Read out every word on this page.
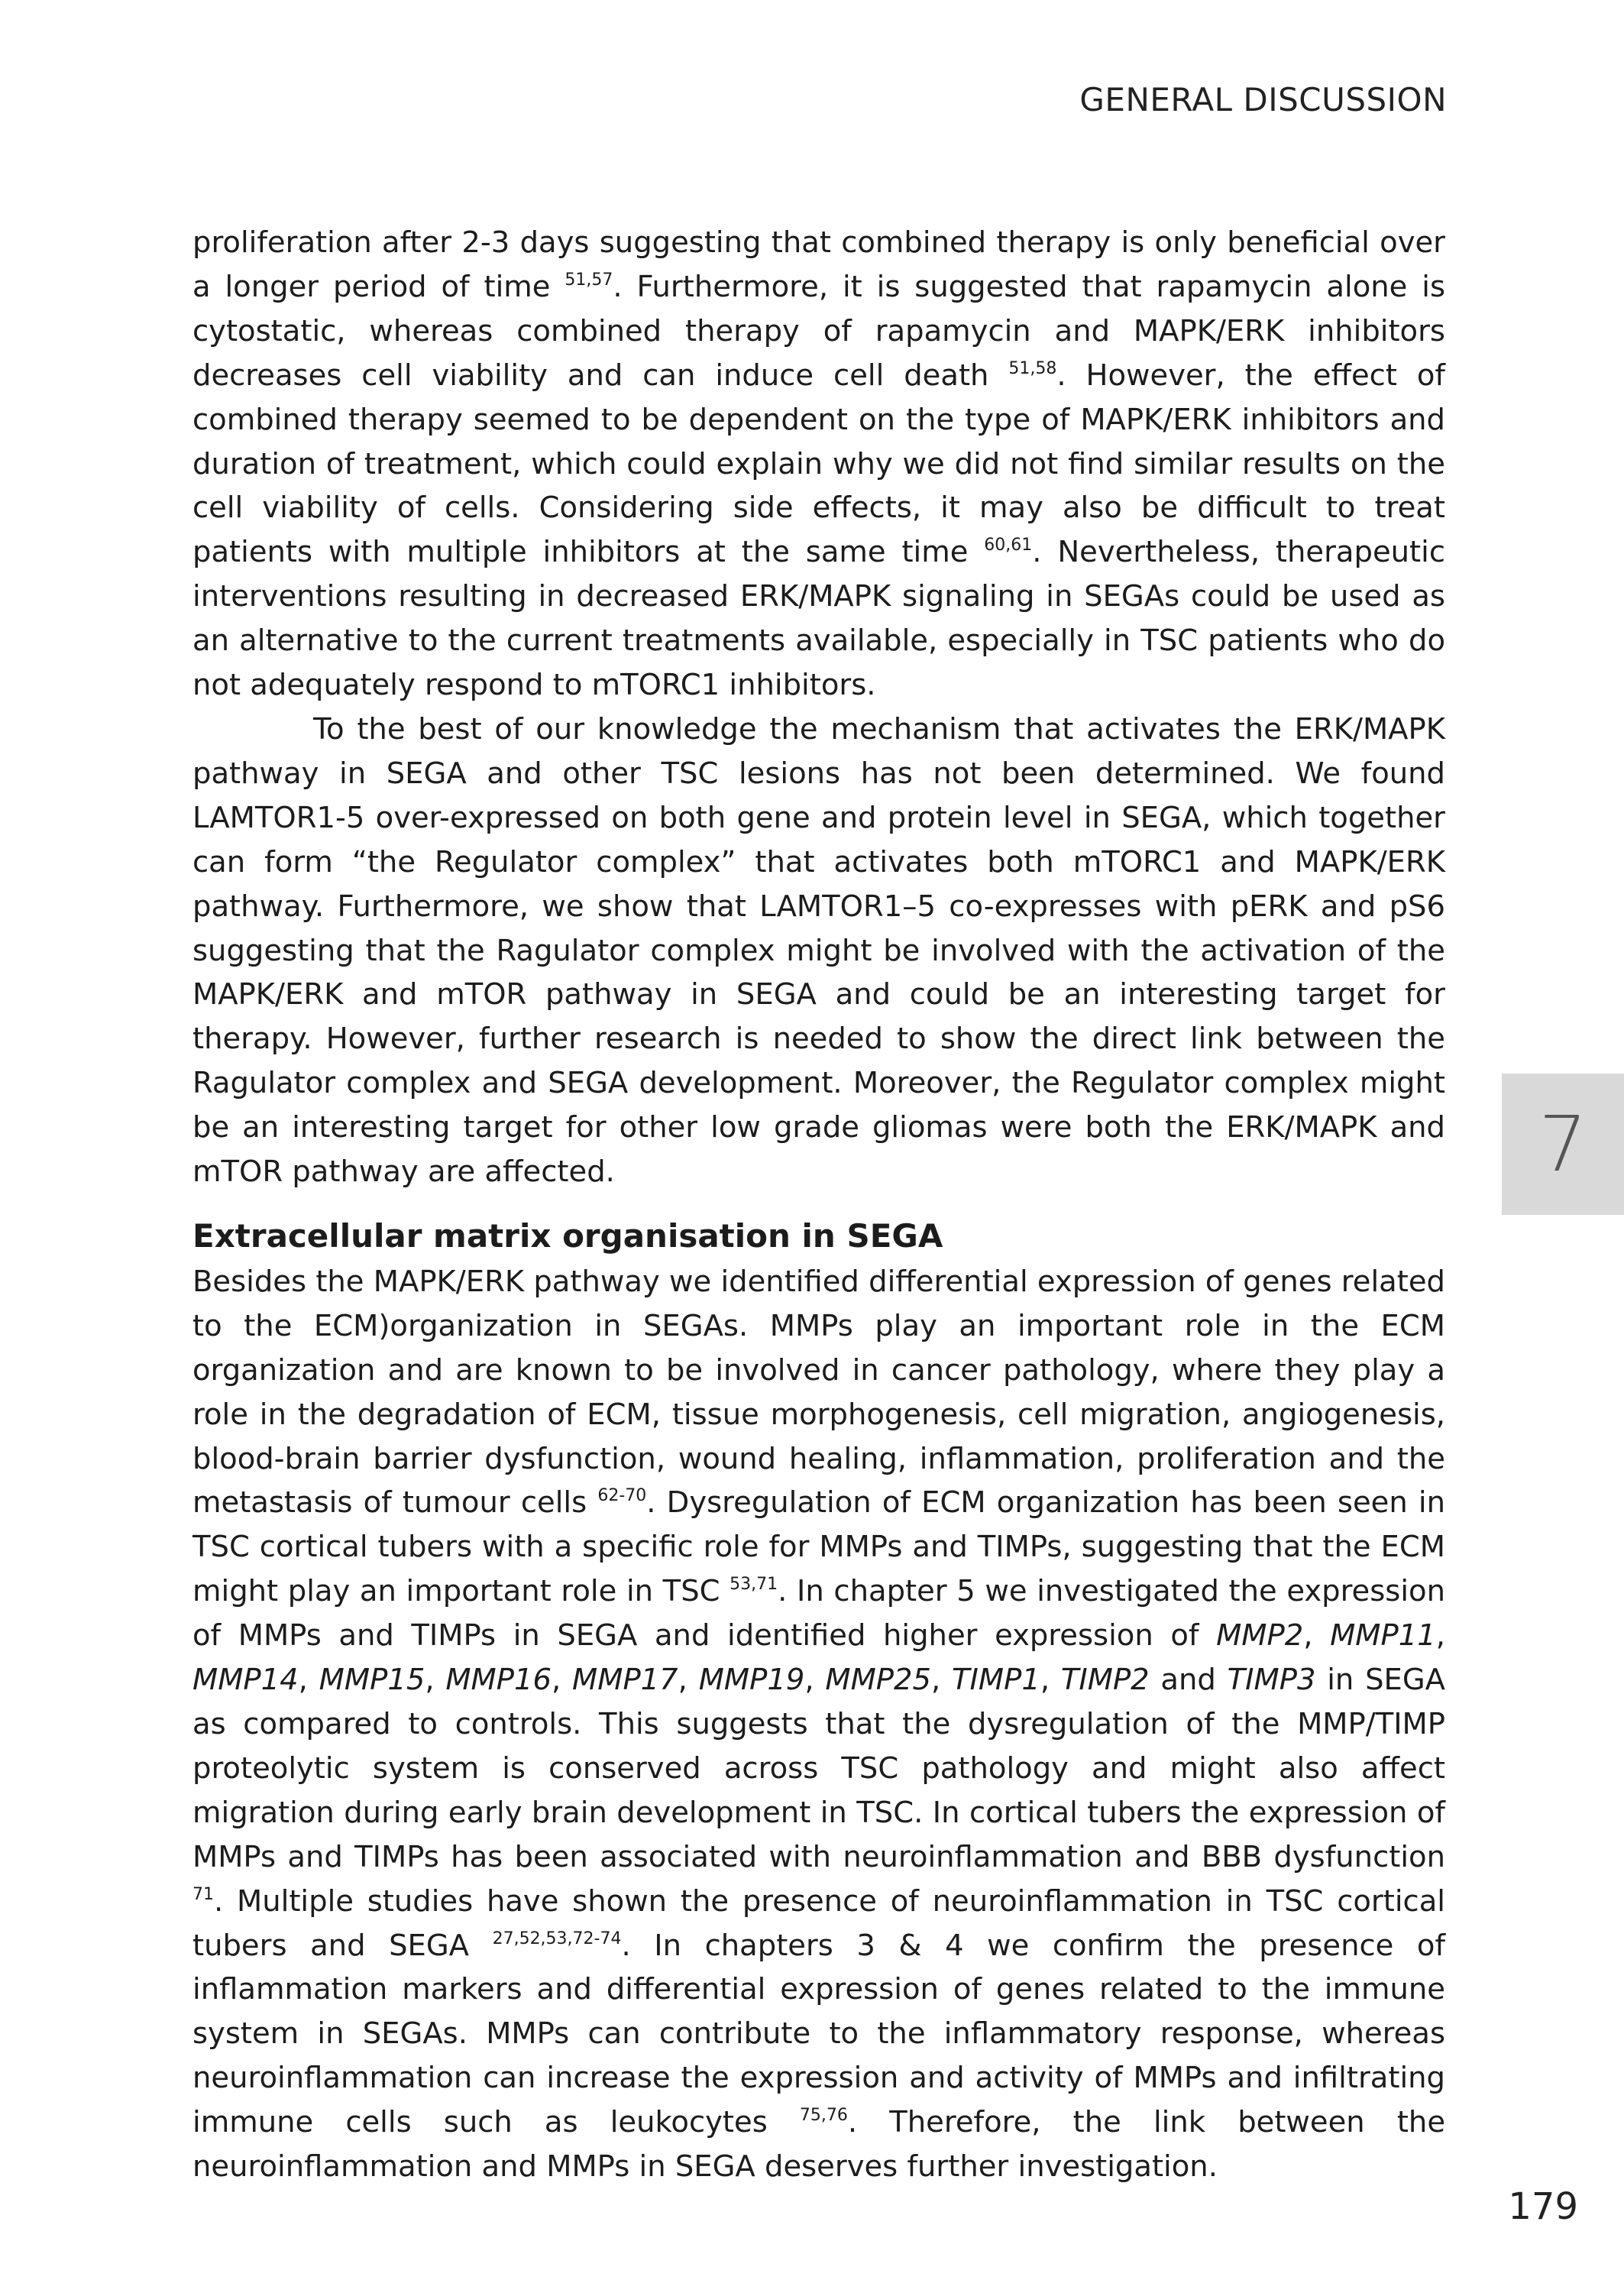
GENERAL DISCUSSION
7

proliferation after 2-3 days suggesting that combined therapy is only beneficial over a longer period of time $^{51,57}$. Furthermore, it is suggested that rapamycin alone is cytostatic, whereas combined therapy of rapamycin and MAPK/ERK inhibitors decreases cell viability and can induce cell death $^{51,58}$. However, the effect of combined therapy seemed to be dependent on the type of MAPK/ERK inhibitors and duration of treatment, which could explain why we did not find similar results on the cell viability of cells. Considering side effects, it may also be difficult to treat patients with multiple inhibitors at the same time $^{60,61}$. Nevertheless, therapeutic interventions resulting in decreased ERK/MAPK signaling in SEGAs could be used as an alternative to the current treatments available, especially in TSC patients who do not adequately respond to mTORC1 inhibitors.

To the best of our knowledge the mechanism that activates the ERK/MAPK pathway in SEGA and other TSC lesions has not been determined. We found LAMTOR1-5 over-expressed on both gene and protein level in SEGA, which together can form “the Regulator complex” that activates both mTORC1 and MAPK/ERK pathway. Furthermore, we show that LAMTOR1–5 co-expresses with pERK and pS6 suggesting that the Ragulator complex might be involved with the activation of the MAPK/ERK and mTOR pathway in SEGA and could be an interesting target for therapy. However, further research is needed to show the direct link between the Ragulator complex and SEGA development. Moreover, the Regulator complex might be an interesting target for other low grade gliomas were both the ERK/MAPK and mTOR pathway are affected.

Extracellular matrix organisation in SEGA

Besides the MAPK/ERK pathway we identified differential expression of genes related to the ECM)organization in SEGAs. MMPs play an important role in the ECM organization and are known to be involved in cancer pathology, where they play a role in the degradation of ECM, tissue morphogenesis, cell migration, angiogenesis, blood-brain barrier dysfunction, wound healing, inflammation, proliferation and the metastasis of tumour cells $^{62-70}$. Dysregulation of ECM organization has been seen in TSC cortical tubers with a specific role for MMPs and TIMPs, suggesting that the ECM might play an important role in TSC $^{53,71}$. In chapter 5 we investigated the expression of MMPs and TIMPs in SEGA and identified higher expression of MMP2, MMP11, MMP14, MMP15, MMP16, MMP17, MMP19, MMP25, TIMP1, TIMP2 and TIMP3 in SEGA as compared to controls. This suggests that the dysregulation of the MMP/TIMP proteolytic system is conserved across TSC pathology and might also affect migration during early brain development in TSC. In cortical tubers the expression of MMPs and TIMPs has been associated with neuroinflammation and BBB dysfunction $^{71}$. Multiple studies have shown the presence of neuroinflammation in TSC cortical tubers and SEGA $^{27,52,53,72-74}$. In chapters 3 & 4 we confirm the presence of inflammation markers and differential expression of genes related to the immune system in SEGAs. MMPs can contribute to the inflammatory response, whereas neuroinflammation can increase the expression and activity of MMPs and infiltrating immune cells such as leukocytes $^{75,76}$. Therefore, the link between the neuroinflammation and MMPs in SEGA deserves further investigation.

179
